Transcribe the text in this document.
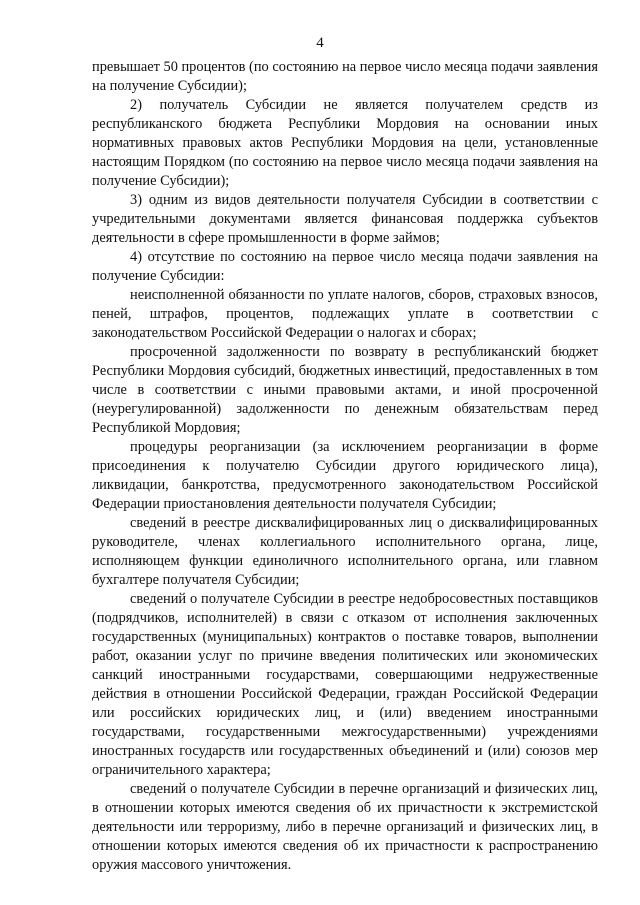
4

превышает 50 процентов (по состоянию на первое число месяца подачи заявления на получение Субсидии);

2) получатель Субсидии не является получателем средств из республиканского бюджета Республики Мордовия на основании иных нормативных правовых актов Республики Мордовия на цели, установленные настоящим Порядком (по состоянию на первое число месяца подачи заявления на получение Субсидии);

3) одним из видов деятельности получателя Субсидии в соответствии с учредительными документами является финансовая поддержка субъектов деятельности в сфере промышленности в форме займов;

4) отсутствие по состоянию на первое число месяца подачи заявления на получение Субсидии:

неисполненной обязанности по уплате налогов, сборов, страховых взносов, пеней, штрафов, процентов, подлежащих уплате в соответствии с законодательством Российской Федерации о налогах и сборах;

просроченной задолженности по возврату в республиканский бюджет Республики Мордовия субсидий, бюджетных инвестиций, предоставленных в том числе в соответствии с иными правовыми актами, и иной просроченной (неурегулированной) задолженности по денежным обязательствам перед Республикой Мордовия;

процедуры реорганизации (за исключением реорганизации в форме присоединения к получателю Субсидии другого юридического лица), ликвидации, банкротства, предусмотренного законодательством Российской Федерации приостановления деятельности получателя Субсидии;

сведений в реестре дисквалифицированных лиц о дисквалифицированных руководителе, членах коллегиального исполнительного органа, лице, исполняющем функции единоличного исполнительного органа, или главном бухгалтере получателя Субсидии;

сведений о получателе Субсидии в реестре недобросовестных поставщиков (подрядчиков, исполнителей) в связи с отказом от исполнения заключенных государственных (муниципальных) контрактов о поставке товаров, выполнении работ, оказании услуг по причине введения политических или экономических санкций иностранными государствами, совершающими недружественные действия в отношении Российской Федерации, граждан Российской Федерации или российских юридических лиц, и (или) введением иностранными государствами, государственными межгосударственными) учреждениями иностранных государств или государственных объединений и (или) союзов мер ограничительного характера;

сведений о получателе Субсидии в перечне организаций и физических лиц, в отношении которых имеются сведения об их причастности к экстремистской деятельности или терроризму, либо в перечне организаций и физических лиц, в отношении которых имеются сведения об их причастности к распространению оружия массового уничтожения.
